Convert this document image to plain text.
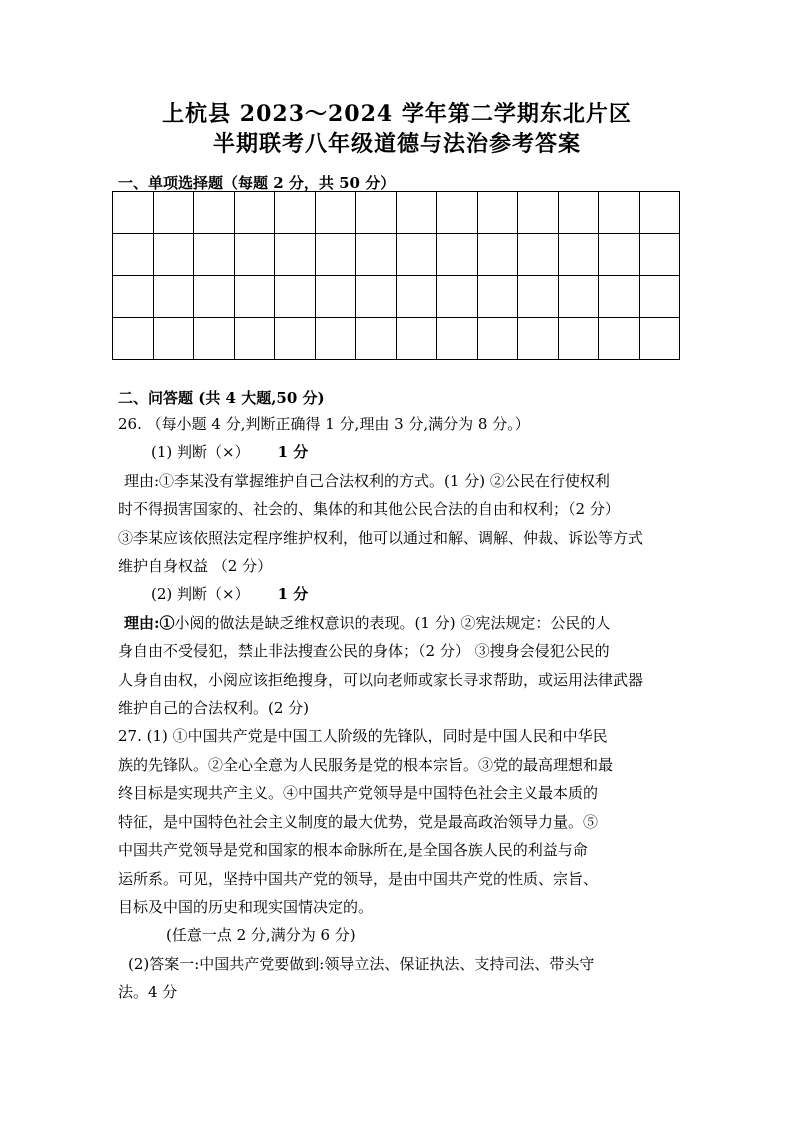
上杭县 2023～2024 学年第二学期东北片区
半期联考八年级道德与法治参考答案
一、单项选择题（每题 2 分，共 50 分）

二、问答题 (共 4 大题,50 分)

26. （每小题 4 分,判断正确得 1 分,理由 3 分,满分为 8 分。）

(1) 判断（×） 1 分

理由:①李某没有掌握维护自己合法权利的方式。(1 分) ②公民在行使权利

时不得损害国家的、社会的、集体的和其他公民合法的自由和权利；（2 分）

③李某应该依照法定程序维护权利，他可以通过和解、调解、仲裁、诉讼等方式

维护自身权益 （2 分）

(2) 判断（×） 1 分

理由:①小阅的做法是缺乏维权意识的表现。(1 分) ②宪法规定：公民的人

身自由不受侵犯，禁止非法搜查公民的身体；（2 分） ③搜身会侵犯公民的

人身自由权，小阅应该拒绝搜身，可以向老师或家长寻求帮助，或运用法律武器

维护自己的合法权利。(2 分)

27. (1) ①中国共产党是中国工人阶级的先锋队，同时是中国人民和中华民

族的先锋队。②全心全意为人民服务是党的根本宗旨。③党的最高理想和最

终目标是实现共产主义。④中国共产党领导是中国特色社会主义最本质的

特征，是中国特色社会主义制度的最大优势，党是最高政治领导力量。⑤

中国共产党领导是党和国家的根本命脉所在,是全国各族人民的利益与命

运所系。可见，坚持中国共产党的领导，是由中国共产党的性质、宗旨、

目标及中国的历史和现实国情决定的。

(任意一点 2 分,满分为 6 分)

(2)答案一:中国共产党要做到:领导立法、保证执法、支持司法、带头守

法。4 分
